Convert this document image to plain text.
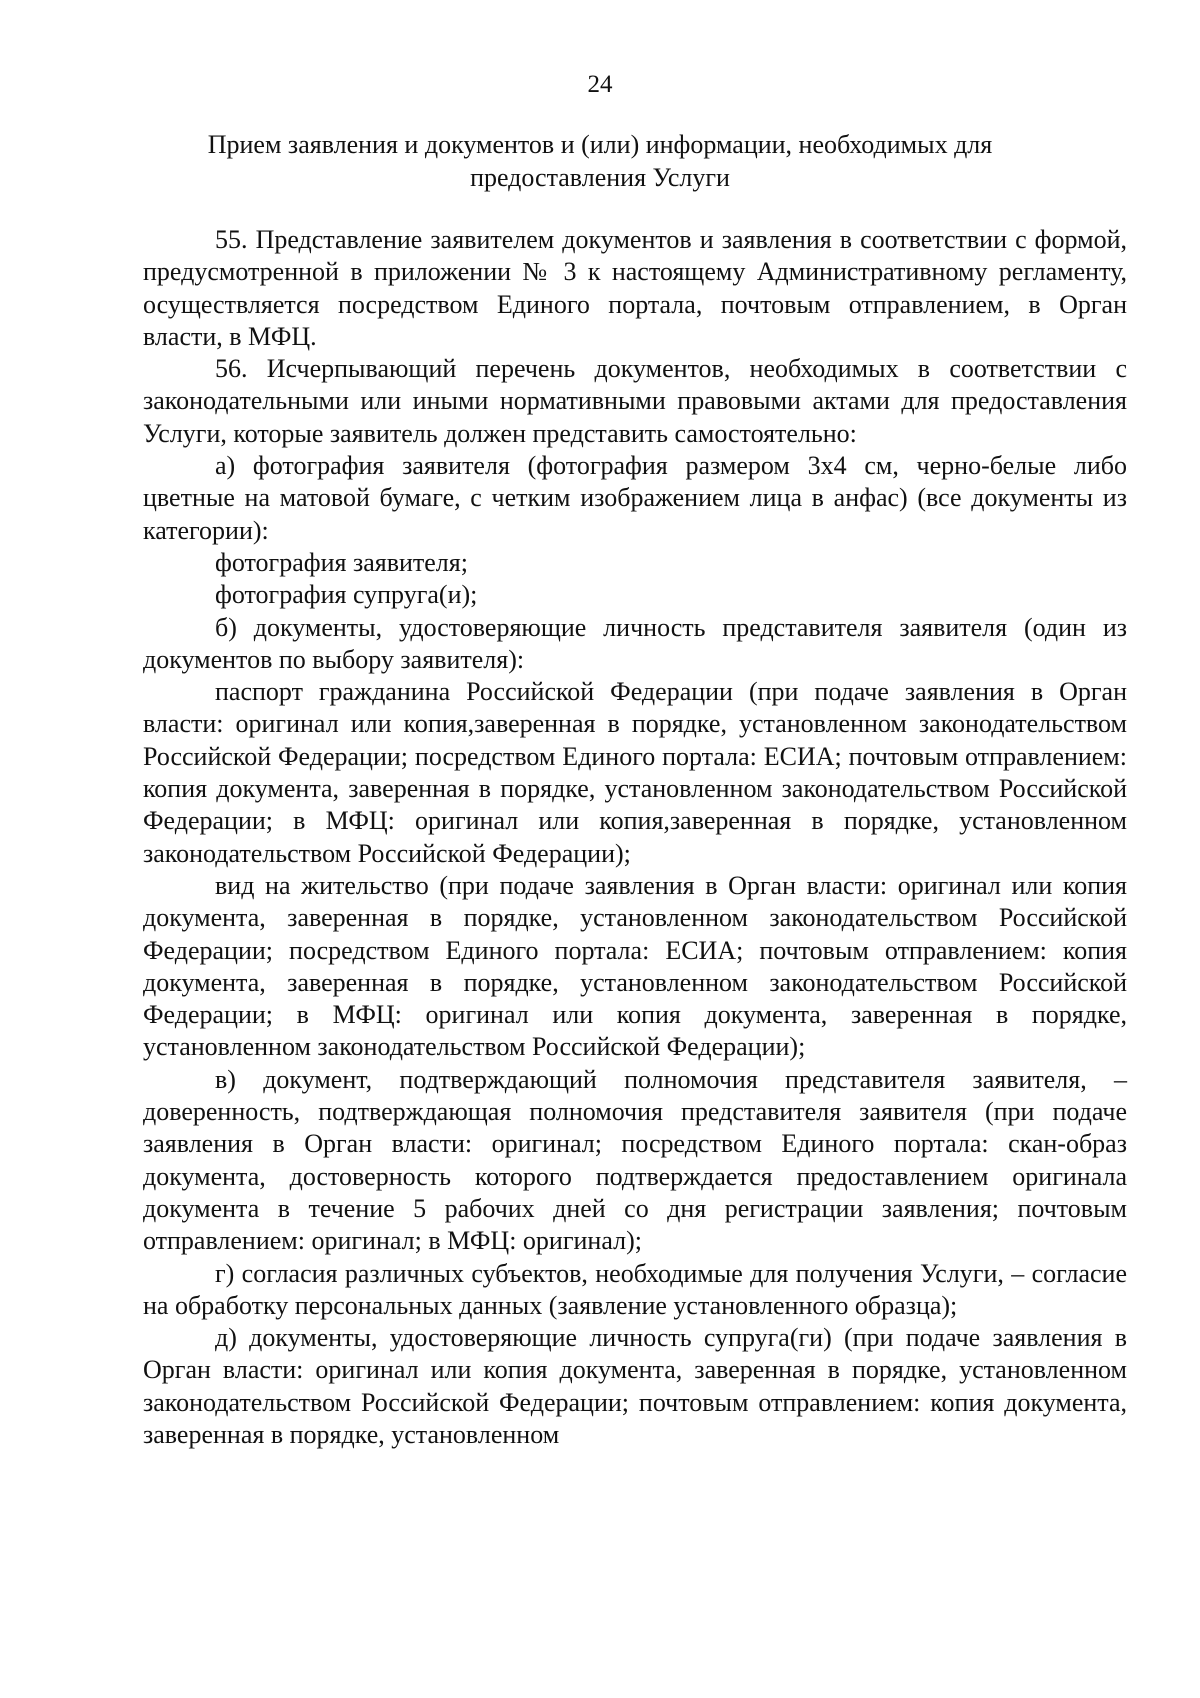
24
Прием заявления и документов и (или) информации, необходимых для предоставления Услуги

55. Представление заявителем документов и заявления в соответствии с формой, предусмотренной в приложении № 3 к настоящему Административному регламенту, осуществляется посредством Единого портала, почтовым отправлением, в Орган власти, в МФЦ.

56. Исчерпывающий перечень документов, необходимых в соответствии с законодательными или иными нормативными правовыми актами для предоставления Услуги, которые заявитель должен представить самостоятельно:

а) фотография заявителя (фотография размером 3x4 см, черно-белые либо цветные на матовой бумаге, с четким изображением лица в анфас) (все документы из категории):

фотография заявителя;

фотография супруга(и);

б) документы, удостоверяющие личность представителя заявителя (один из документов по выбору заявителя):

паспорт гражданина Российской Федерации (при подаче заявления в Орган власти: оригинал или копия,заверенная в порядке, установленном законодательством Российской Федерации; посредством Единого портала: ЕСИА; почтовым отправлением: копия документа, заверенная в порядке, установленном законодательством Российской Федерации; в МФЦ: оригинал или копия,заверенная в порядке, установленном законодательством Российской Федерации);

вид на жительство (при подаче заявления в Орган власти: оригинал или копия документа, заверенная в порядке, установленном законодательством Российской Федерации; посредством Единого портала: ЕСИА; почтовым отправлением: копия документа, заверенная в порядке, установленном законодательством Российской Федерации; в МФЦ: оригинал или копия документа, заверенная в порядке, установленном законодательством Российской Федерации);

в) документ, подтверждающий полномочия представителя заявителя, – доверенность, подтверждающая полномочия представителя заявителя (при подаче заявления в Орган власти: оригинал; посредством Единого портала: скан-образ документа, достоверность которого подтверждается предоставлением оригинала документа в течение 5 рабочих дней со дня регистрации заявления; почтовым отправлением: оригинал; в МФЦ: оригинал);

г) согласия различных субъектов, необходимые для получения Услуги, – согласие на обработку персональных данных (заявление установленного образца);

д) документы, удостоверяющие личность супруга(ги) (при подаче заявления в Орган власти: оригинал или копия документа, заверенная в порядке, установленном законодательством Российской Федерации; почтовым отправлением: копия документа, заверенная в порядке, установленном
